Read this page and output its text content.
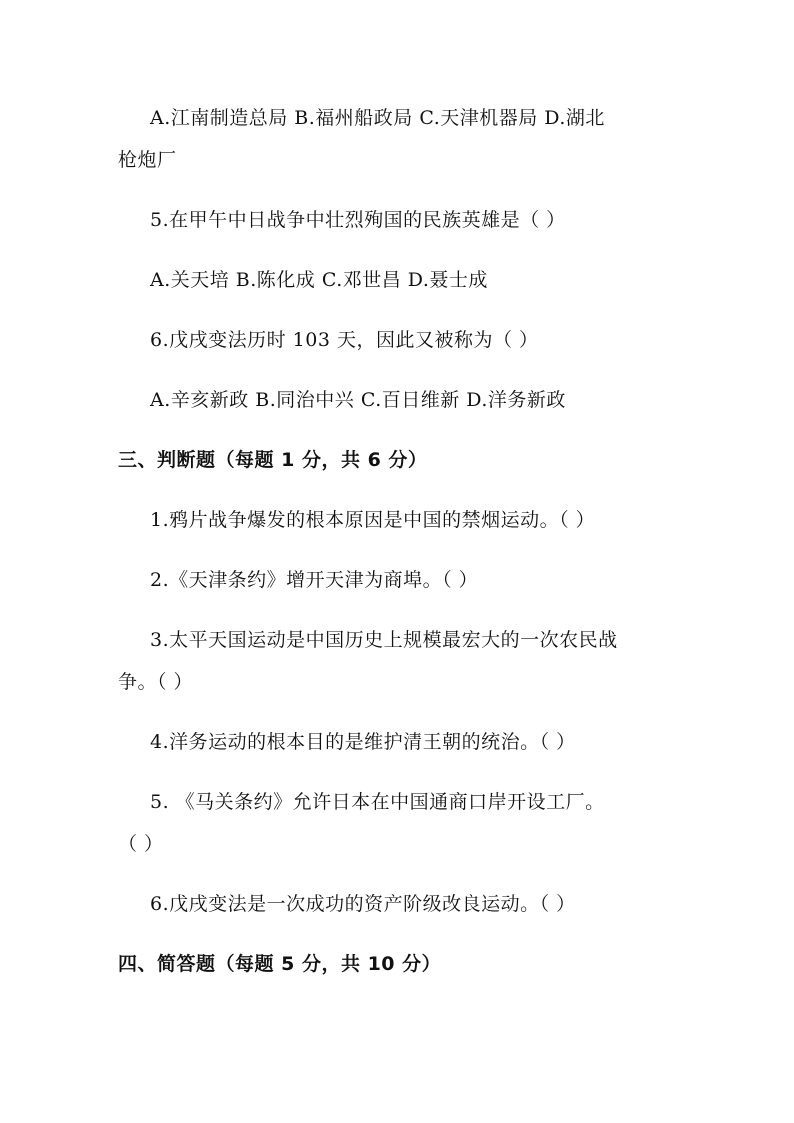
A.江南制造总局 B.福州船政局 C.天津机器局 D.湖北
枪炮厂
5.在甲午中日战争中壮烈殉国的民族英雄是（ ）
A.关天培 B.陈化成 C.邓世昌 D.聂士成
6.戊戌变法历时 103 天，因此又被称为（ ）
A.辛亥新政 B.同治中兴 C.百日维新 D.洋务新政
三、判断题（每题 1 分，共 6 分）
1.鸦片战争爆发的根本原因是中国的禁烟运动。（ ）
2.《天津条约》增开天津为商埠。（ ）
3.太平天国运动是中国历史上规模最宏大的一次农民战
争。（ ）
4.洋务运动的根本目的是维护清王朝的统治。（ ）
5. 《马关条约》允许日本在中国通商口岸开设工厂。
（ ）
6.戊戌变法是一次成功的资产阶级改良运动。（ ）
四、简答题（每题 5 分，共 10 分）
